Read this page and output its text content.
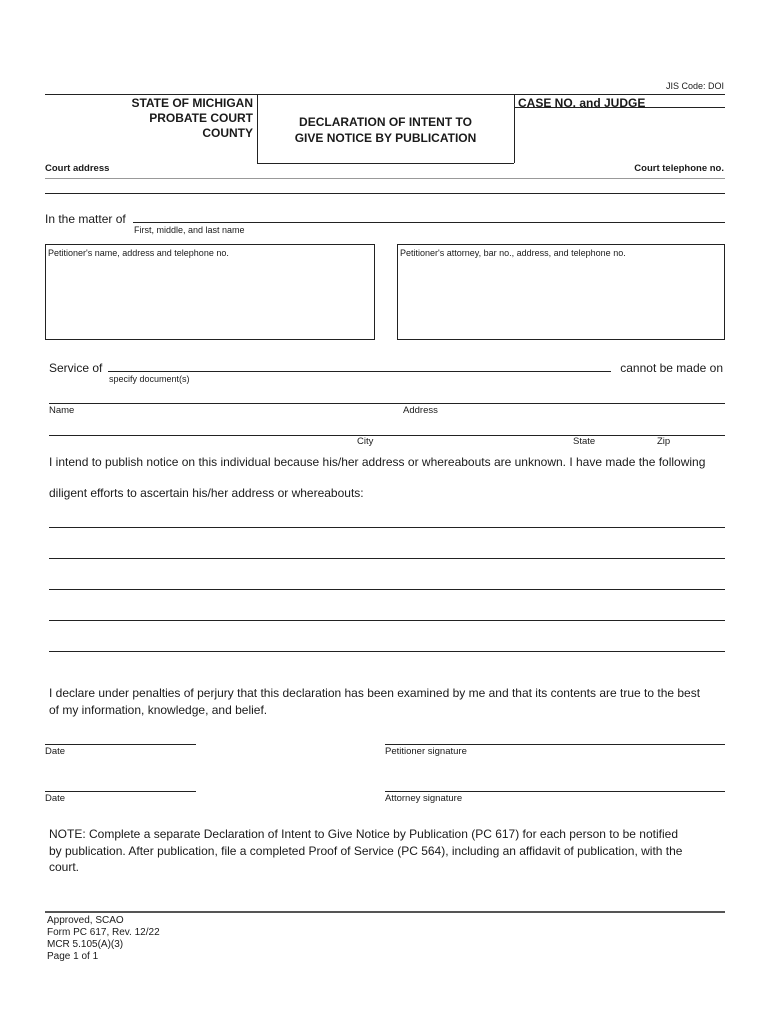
JIS Code: DOI
STATE OF MICHIGAN
PROBATE COURT
COUNTY
DECLARATION OF INTENT TO
GIVE NOTICE BY PUBLICATION
CASE NO. and JUDGE
Court address	Court telephone no.
In the matter of
First, middle, and last name
Petitioner's name, address and telephone no.	Petitioner's attorney, bar no., address, and telephone no.
Service of
specify document(s)
cannot be made on
Name	Address
City	State	Zip
I intend to publish notice on this individual because his/her address or whereabouts are unknown. I have made the following
diligent efforts to ascertain his/her address or whereabouts:
I declare under penalties of perjury that this declaration has been examined by me and that its contents are true to the best
of my information, knowledge, and belief.
Date	Petitioner signature
Date	Attorney signature
NOTE: Complete a separate Declaration of Intent to Give Notice by Publication (PC 617) for each person to be notified
by publication. After publication, file a completed Proof of Service (PC 564), including an affidavit of publication, with the
court.
Approved, SCAO
Form PC 617, Rev. 12/22
MCR 5.105(A)(3)
Page 1 of 1
